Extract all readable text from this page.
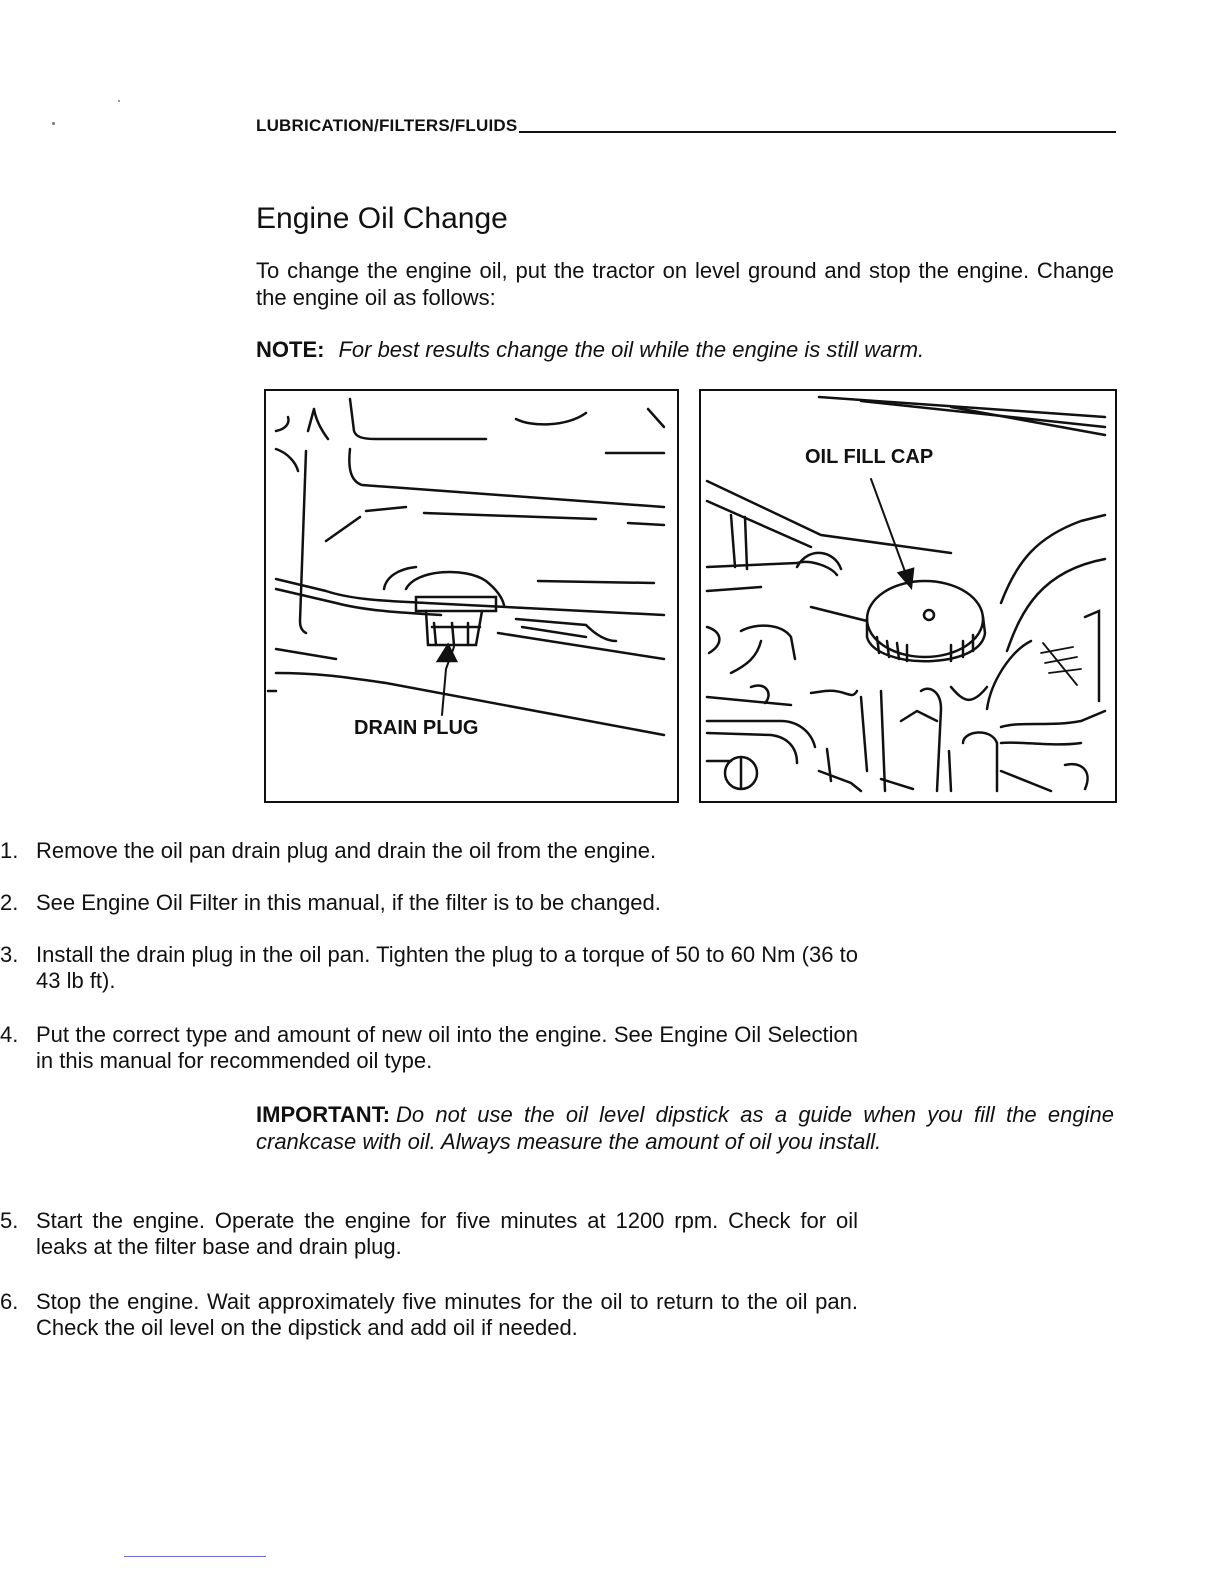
LUBRICATION/FILTERS/FLUIDS
Engine Oil Change

To change the engine oil, put the tractor on level ground and stop the engine. Change the engine oil as follows:

NOTE: For best results change the oil while the engine is still warm.

DRAIN PLUG
OIL FILL CAP
1. Remove the oil pan drain plug and drain the oil from the engine.
2. See Engine Oil Filter in this manual, if the filter is to be changed.
3. Install the drain plug in the oil pan. Tighten the plug to a torque of 50 to 60 Nm (36 to 43 lb ft).
4. Put the correct type and amount of new oil into the engine. See Engine Oil Selection in this manual for recommended oil type.

IMPORTANT: Do not use the oil level dipstick as a guide when you fill the engine crankcase with oil. Always measure the amount of oil you install.

5. Start the engine. Operate the engine for five minutes at 1200 rpm. Check for oil leaks at the filter base and drain plug.
6. Stop the engine. Wait approximately five minutes for the oil to return to the oil pan. Check the oil level on the dipstick and add oil if needed.
